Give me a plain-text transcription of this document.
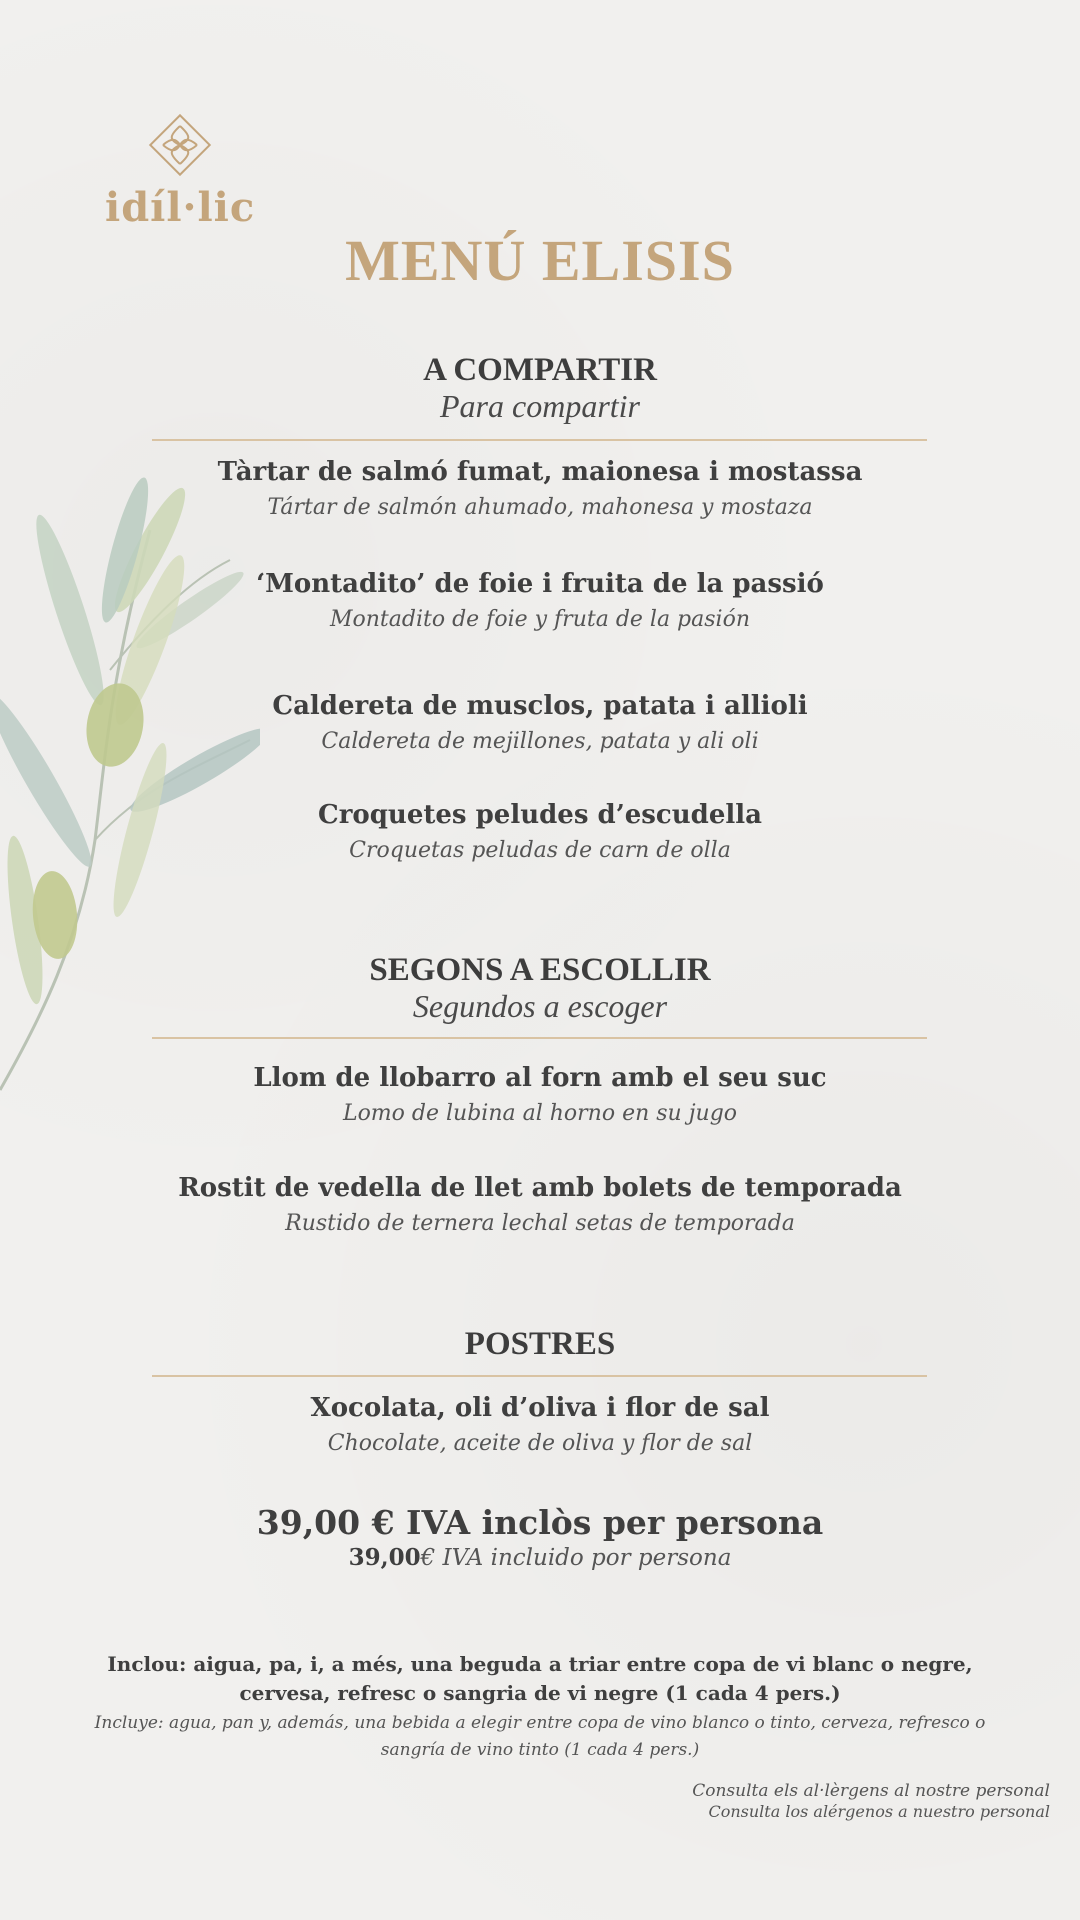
idíl·lic
MENÚ ELISIS
A COMPARTIR
Para compartir
Tàrtar de salmó fumat, maionesa i mostassa
Tártar de salmón ahumado, mahonesa y mostaza
‘Montadito’ de foie i fruita de la passió
Montadito de foie y fruta de la pasión
Caldereta de musclos, patata i allioli
Caldereta de mejillones, patata y ali oli
Croquetes peludes d’escudella
Croquetas peludas de carn de olla
SEGONS A ESCOLLIR
Segundos a escoger
Llom de llobarro al forn amb el seu suc
Lomo de lubina al horno en su jugo
Rostit de vedella de llet amb bolets de temporada
Rustido de ternera lechal setas de temporada
POSTRES
Xocolata, oli d’oliva i flor de sal
Chocolate, aceite de oliva y flor de sal
39,00 € IVA inclòs per persona
39,00€ IVA incluido por persona
Inclou: aigua, pa, i, a més, una beguda a triar entre copa de vi blanc o negre, cervesa, refresc o sangria de vi negre (1 cada 4 pers.)
Incluye: agua, pan y, además, una bebida a elegir entre copa de vino blanco o tinto, cerveza, refresco o sangría de vino tinto (1 cada 4 pers.)
Consulta els al·lèrgens al nostre personal
Consulta los alérgenos a nuestro personal
